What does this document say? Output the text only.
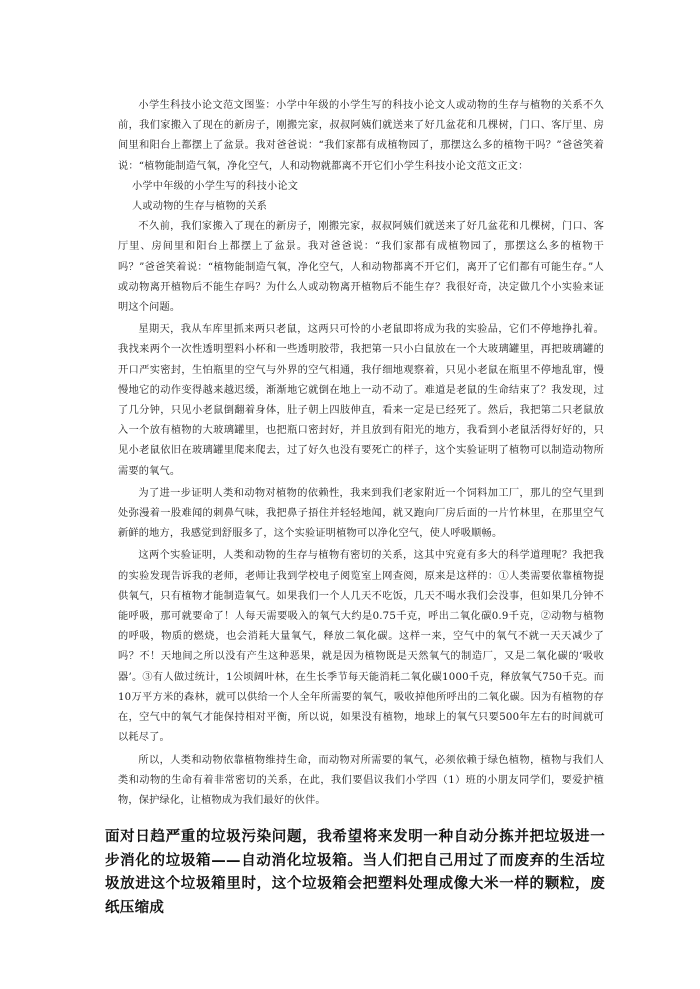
小学生科技小论文范文图鉴：小学中年级的小学生写的科技小论文人或动物的生存与植物的关系不久前，我们家搬入了现在的新房子，刚搬完家，叔叔阿姨们就送来了好几盆花和几棵树，门口、客厅里、房间里和阳台上都摆上了盆景。我对爸爸说：“我们家都有成植物园了，那摆这么多的植物干吗？”爸爸笑着说：“植物能制造气氧，净化空气，人和动物就都离不开它们小学生科技小论文范文正文：

小学中年级的小学生写的科技小论文

人或动物的生存与植物的关系

不久前，我们家搬入了现在的新房子，刚搬完家，叔叔阿姨们就送来了好几盆花和几棵树，门口、客厅里、房间里和阳台上都摆上了盆景。我对爸爸说：“我们家都有成植物园了，那摆这么多的植物干吗？”爸爸笑着说：“植物能制造气氧，净化空气，人和动物都离不开它们，离开了它们都有可能生存。”人或动物离开植物后不能生存吗？为什么人或动物离开植物后不能生存？我很好奇，决定做几个小实验来证明这个问题。

星期天，我从车库里抓来两只老鼠，这两只可怜的小老鼠即将成为我的实验品，它们不停地挣扎着。我找来两个一次性透明塑料小杯和一些透明胶带，我把第一只小白鼠放在一个大玻璃罐里，再把玻璃罐的开口严实密封，生怕瓶里的空气与外界的空气相通，我仔细地观察着，只见小老鼠在瓶里不停地乱窜，慢慢地它的动作变得越来越迟缓，渐渐地它就倒在地上一动不动了。难道是老鼠的生命结束了？我发现，过了几分钟，只见小老鼠倒翻着身体，肚子朝上四肢伸直，看来一定是已经死了。然后，我把第二只老鼠放入一个放有植物的大玻璃罐里，也把瓶口密封好，并且放到有阳光的地方，我看到小老鼠活得好好的，只见小老鼠依旧在玻璃罐里爬来爬去，过了好久也没有要死亡的样子，这个实验证明了植物可以制造动物所需要的氧气。

为了进一步证明人类和动物对植物的依赖性，我来到我们老家附近一个饲料加工厂，那儿的空气里到处弥漫着一股难闻的刺鼻气味，我把鼻子捂住并轻轻地闻，就又跑向厂房后面的一片竹林里，在那里空气新鲜的地方，我感觉到舒服多了，这个实验证明植物可以净化空气，使人呼吸顺畅。

这两个实验证明，人类和动物的生存与植物有密切的关系，这其中究竟有多大的科学道理呢？我把我的实验发现告诉我的老师，老师让我到学校电子阅览室上网查阅，原来是这样的：①人类需要依靠植物提供氧气，只有植物才能制造氧气。如果我们一个人几天不吃饭，几天不喝水我们会没事，但如果几分钟不能呼吸，那可就要命了！人每天需要吸入的氧气大约是0.75千克，呼出二氧化碳0.9千克，②动物与植物的呼吸，物质的燃烧，也会消耗大量氧气，释放二氧化碳。这样一来，空气中的氧气不就一天天减少了吗？不！天地间之所以没有产生这种恶果，就是因为植物既是天然氧气的制造厂，又是二氧化碳的‘吸收器’。③有人做过统计，1公顷阔叶林，在生长季节每天能消耗二氧化碳1000千克，释放氧气750千克。而10万平方米的森林，就可以供给一个人全年所需要的氧气，吸收掉他所呼出的二氧化碳。因为有植物的存在，空气中的氧气才能保持相对平衡，所以说，如果没有植物，地球上的氧气只要500年左右的时间就可以耗尽了。

所以，人类和动物依靠植物维持生命，而动物对所需要的氧气，必须依赖于绿色植物，植物与我们人类和动物的生命有着非常密切的关系，在此，我们要倡议我们小学四（1）班的小朋友同学们，要爱护植物，保护绿化，让植物成为我们最好的伙伴。

面对日趋严重的垃圾污染问题，我希望将来发明一种自动分拣并把垃圾进一步消化的垃圾箱——自动消化垃圾箱。当人们把自己用过了而废弃的生活垃圾放进这个垃圾箱里时，这个垃圾箱会把塑料处理成像大米一样的颗粒，废纸压缩成
